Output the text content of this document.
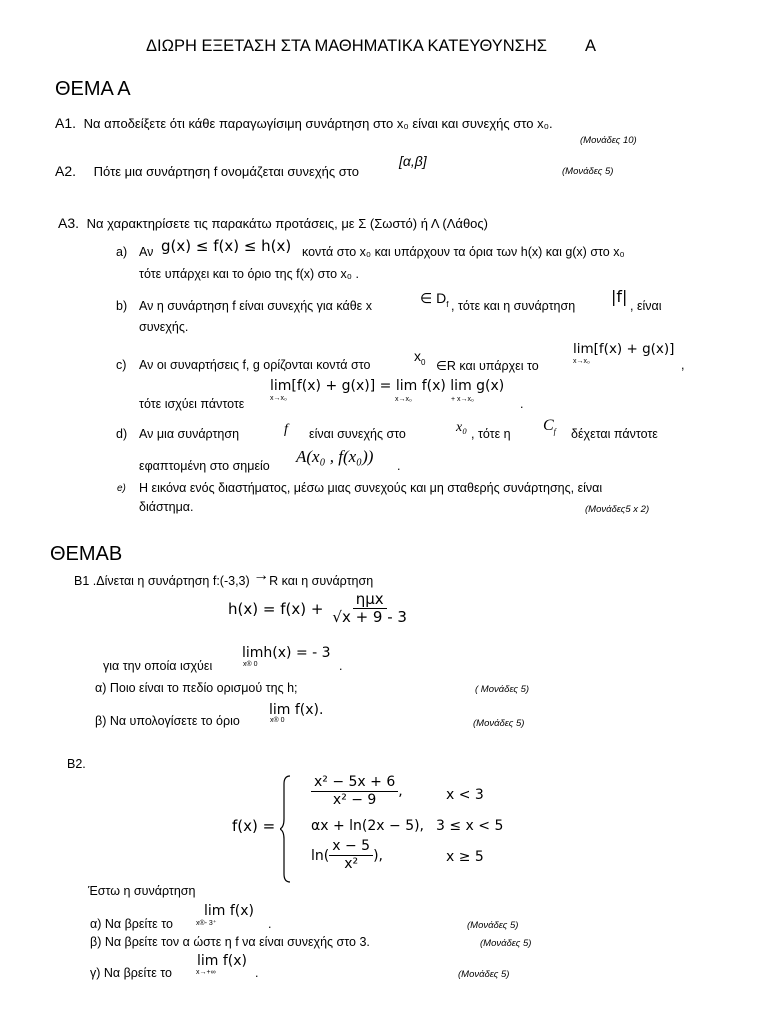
ΔΙΩΡΗ ΕΞΕΤΑΣΗ ΣΤΑ ΜΑΘΗΜΑΤΙΚΑ ΚΑΤΕΥΘΥΝΣΗΣ Α
ΘΕΜΑ Α
Α1. Να αποδείξετε ότι κάθε παραγωγίσιμη συνάρτηση στο x₀ είναι και συνεχής στο x₀.
(Μονάδες 10)
Α2. Πότε μια συνάρτηση f ονομάζεται συνεχής στο
[α,β]
(Μονάδες 5)
Α3. Να χαρακτηρίσετε τις παρακάτω προτάσεις, με Σ (Σωστό) ή Λ (Λάθος)
a) Αν g(x) ≤ f(x) ≤ h(x) κοντά στο x₀ και υπάρχουν τα όρια των h(x) και g(x) στο x₀
τότε υπάρχει και το όριο της f(x) στο x₀ .
b) Αν η συνάρτηση f είναι συνεχής για κάθε x	∈ $D_f$ , τότε και η συνάρτηση |f| , είναι
συνεχής.
c) Αν οι συναρτήσεις f, g ορίζονται κοντά στο
$x_0$ ∈R και υπάρχει το
lim[f(x) + g(x)]
x→x₀	,
lim[f(x) + g(x)] = lim f(x) lim g(x)
τότε ισχύει πάντοτε	x→x₀	x→x₀	+ x→x₀	.
d) Αν μια συνάρτηση	f είναι συνεχής στο	x₀ , τότε η $C_f$ δέχεται πάντοτε
εφαπτομένη στο σημείο Α(x₀ , f(x₀)) .
e) Η εικόνα ενός διαστήματος, μέσω μιας συνεχούς και μη σταθερής συνάρτησης, είναι
διάστημα.	(Μονάδες5 x 2)
ΘΕΜΑΒ
Β1 .Δίνεται η συνάρτηση f:(-3,3) →R και η συνάρτηση
$h(x) = f(x) + \frac{\text{ημx}}{√x + 9 - 3}$
για την οποία ισχύει
limh(x) = - 3
x® 0	.
α) Ποιο είναι το πεδίο ορισμού της h;	( Μονάδες 5)
β) Να υπολογίσετε το όριο
lim f(x).
x® 0	(Μονάδες 5)
Β2.
f(x) =
$\frac{\text{x² − 5x + 6}}{\text{x² − 9}}$ ,	x < 3
αx + ln(2x − 5), 3 ≤ x < 5
$\ln( \frac{x - 5}{\text{x²}}$ ),	x ≥ 5
Έστω η συνάρτηση
α) Να βρείτε το
lim f(x)
x®- 3⁺	.	(Μονάδες 5)
β) Να βρείτε τον α ώστε η f να είναι συνεχής στο 3.	(Μονάδες 5)
γ) Να βρείτε το
lim f(x)
x→+∞	.	(Μονάδες 5)
